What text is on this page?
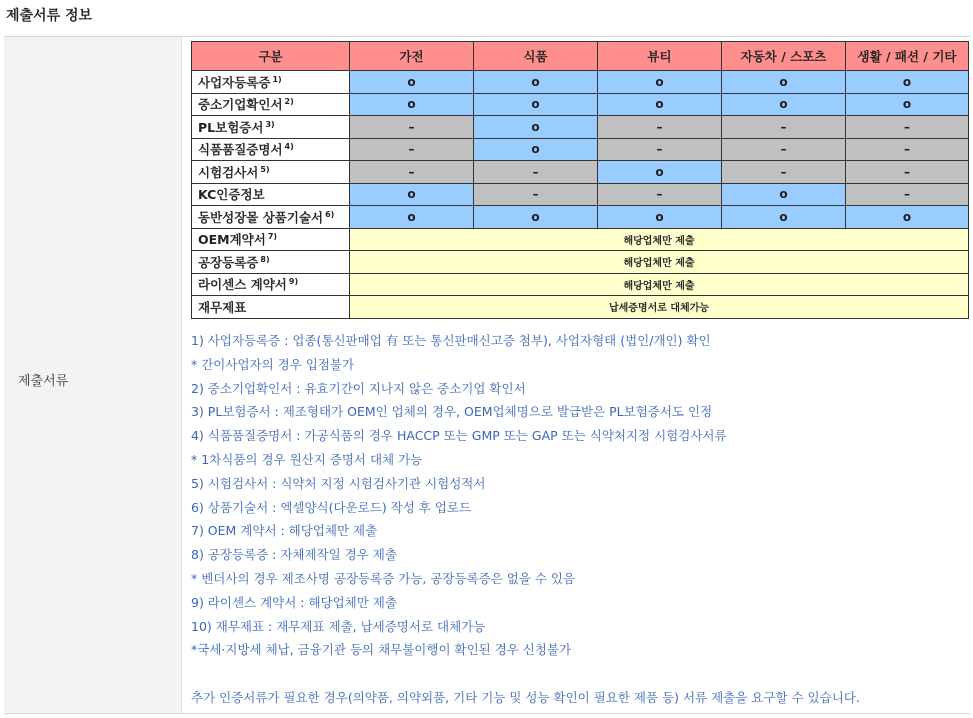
제출서류 정보
제출서류
구분	가전	식품	뷰티	자동차 / 스포츠	생활 / 패션 / 기타
사업자등록증 $^{1)}$	o	o	o	o	o
중소기업확인서 $^{2)}$	o	o	o	o	o
PL보험증서 $^{3)}$	–	o	–	–	–
식품품질증명서 $^{4)}$	–	o	–	–	–
시험검사서 $^{5)}$	–	–	o	–	–
KC인증정보	o	–	–	o	–
동반성장몰 상품기술서 $^{6)}$	o	o	o	o	o
OEM계약서 $^{7)}$	해당업체만 제출				
공장등록증 $^{8)}$	해당업체만 제출				
라이센스 계약서 $^{9)}$	해당업체만 제출				
재무제표	납세증명서로 대체가능				
1) 사업자등록증 : 업종(통신판매업 有 또는 통신판매신고증 첨부), 사업자형태 (법인/개인) 확인
* 간이사업자의 경우 입점불가
2) 중소기업확인서 : 유효기간이 지나지 않은 중소기업 확인서
3) PL보험증서 : 제조형태가 OEM인 업체의 경우, OEM업체명으로 발급받은 PL보험증서도 인정
4) 식품품질증명서 : 가공식품의 경우 HACCP 또는 GMP 또는 GAP 또는 식약처지정 시험검사서류
* 1차식품의 경우 원산지 증명서 대체 가능
5) 시험검사서 : 식약처 지정 시험검사기관 시험성적서
6) 상품기술서 : 엑셀양식(다운로드) 작성 후 업로드
7) OEM 계약서 : 해당업체만 제출
8) 공장등록증 : 자체제작일 경우 제출
* 벤더사의 경우 제조사명 공장등록증 가능, 공장등록증은 없을 수 있음
9) 라이센스 계약서 : 해당업체만 제출
10) 재무제표 : 재무제표 제출, 납세증명서로 대체가능
*국세·지방세 체납, 금융기관 등의 채무불이행이 확인된 경우 신청불가
추가 인증서류가 필요한 경우(의약품, 의약외품, 기타 기능 및 성능 확인이 필요한 제품 등) 서류 제출을 요구할 수 있습니다.
